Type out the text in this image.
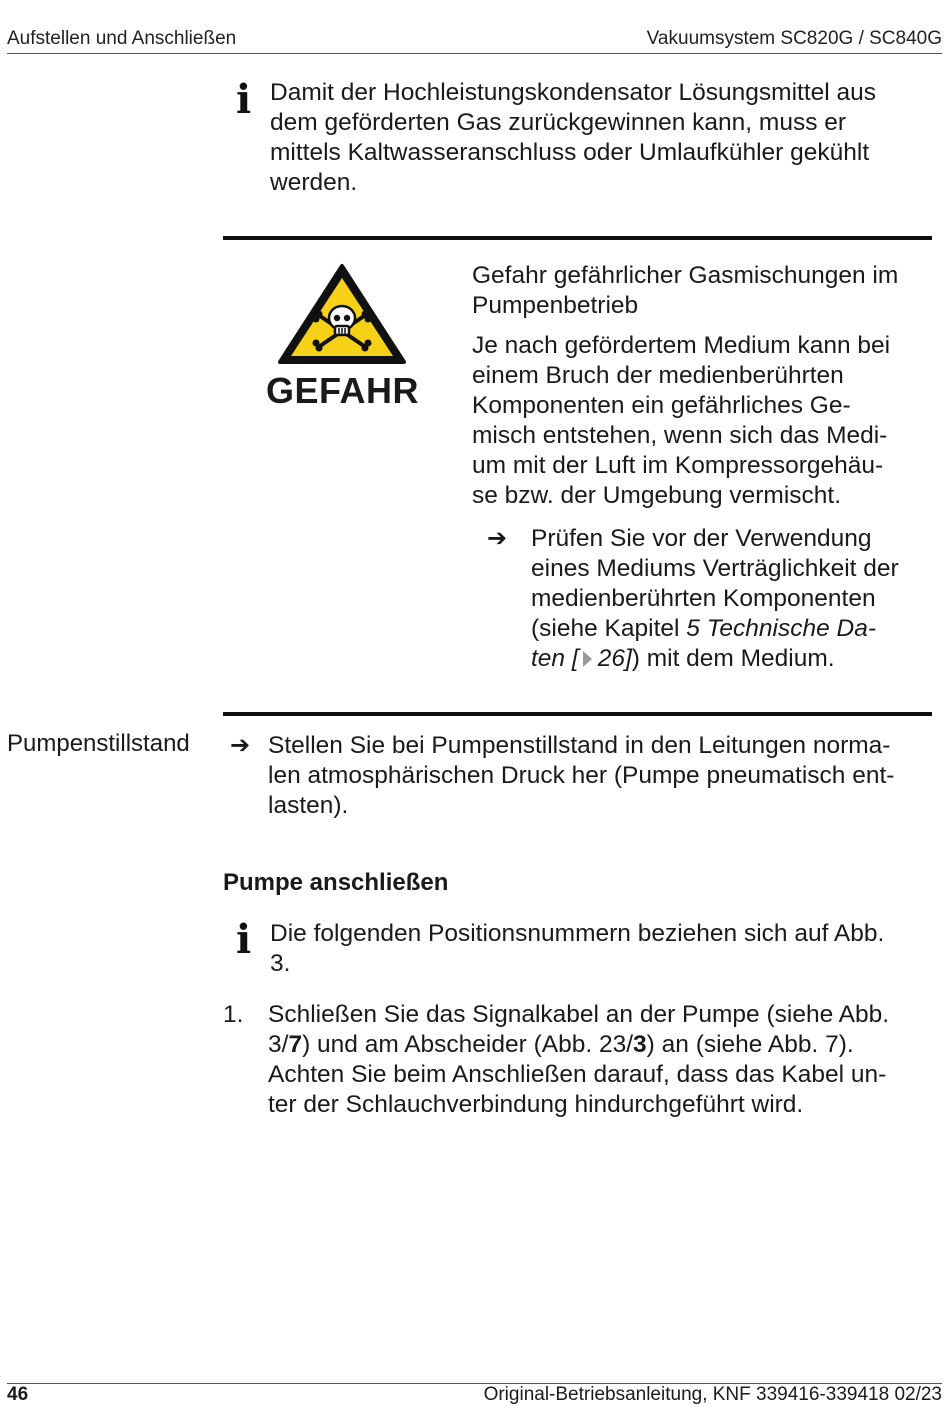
Aufstellen und Anschließen	Vakuumsystem SC820G / SC840G
i Damit der Hochleistungskondensator Lösungsmittel aus
dem geförderten Gas zurückgewinnen kann, muss er
mittels Kaltwasseranschluss oder Umlaufkühler gekühlt
werden.
GEFAHR
Gefahr gefährlicher Gasmischungen im
Pumpenbetrieb
Je nach gefördertem Medium kann bei
einem Bruch der medienberührten
Komponenten ein gefährliches Ge-
misch entstehen, wenn sich das Medi-
um mit der Luft im Kompressorgehäu-
se bzw. der Umgebung vermischt.
➔ Prüfen Sie vor der Verwendung
eines Mediums Verträglichkeit der
medienberührten Komponenten
(siehe Kapitel 5 Technische Da-
ten [ 26]) mit dem Medium.
Pumpenstillstand ➔ Stellen Sie bei Pumpenstillstand in den Leitungen norma-
len atmosphärischen Druck her (Pumpe pneumatisch ent-
lasten).
Pumpe anschließen
i Die folgenden Positionsnummern beziehen sich auf Abb.
3.
1. Schließen Sie das Signalkabel an der Pumpe (siehe Abb.
3/7) und am Abscheider (Abb. 23/3) an (siehe Abb. 7).
Achten Sie beim Anschließen darauf, dass das Kabel un-
ter der Schlauchverbindung hindurchgeführt wird.
46	Original-Betriebsanleitung, KNF 339416-339418 02/23
